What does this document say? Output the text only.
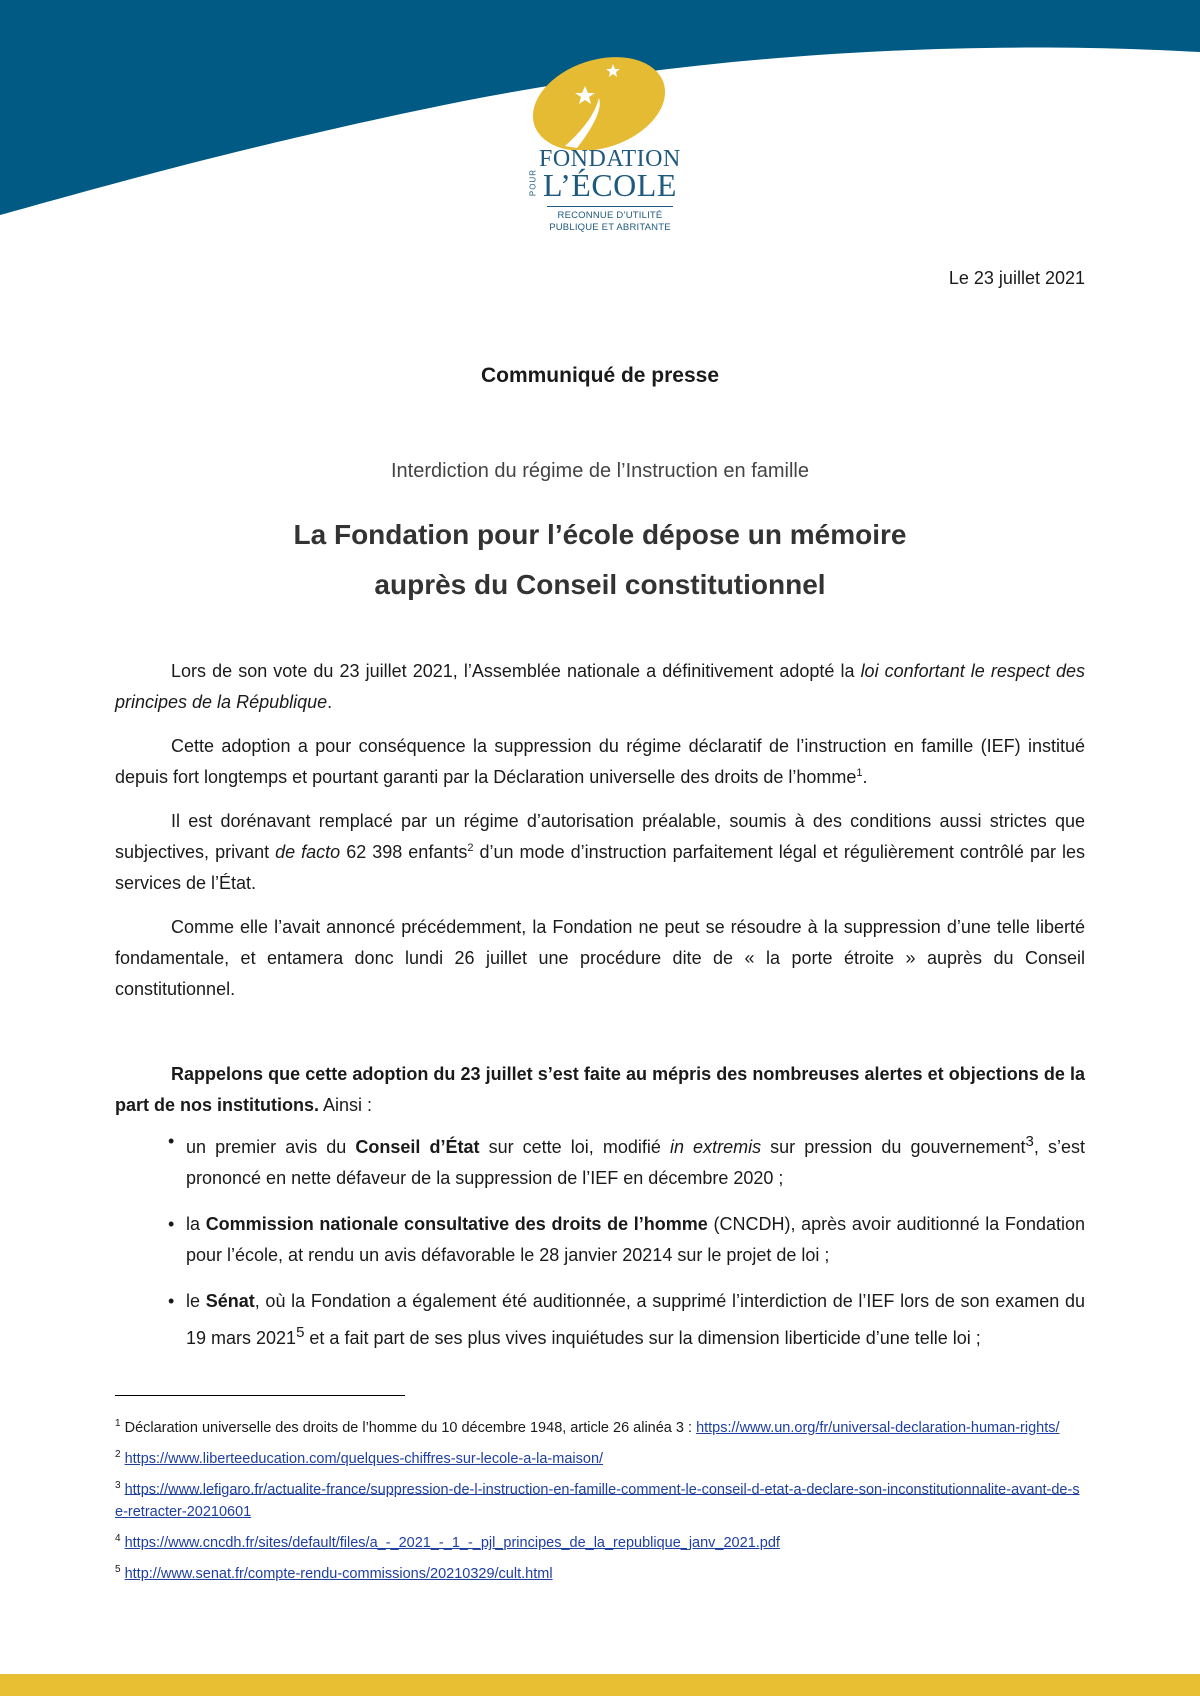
FONDATION
POUR L’ÉCOLE
RECONNUE D’UTILITÉ
PUBLIQUE ET ABRITANTE
Le 23 juillet 2021
Communiqué de presse
Interdiction du régime de l’Instruction en famille
La Fondation pour l’école dépose un mémoire
auprès du Conseil constitutionnel

Lors de son vote du 23 juillet 2021, l’Assemblée nationale a définitivement adopté la loi confortant le respect des principes de la République.

Cette adoption a pour conséquence la suppression du régime déclaratif de l’instruction en famille (IEF) institué depuis fort longtemps et pourtant garanti par la Déclaration universelle des droits de l’homme$^1$.

Il est dorénavant remplacé par un régime d’autorisation préalable, soumis à des conditions aussi strictes que subjectives, privant de facto 62 398 enfants$^2$ d’un mode d’instruction parfaitement légal et régulièrement contrôlé par les services de l’État.

Comme elle l’avait annoncé précédemment, la Fondation ne peut se résoudre à la suppression d’une telle liberté fondamentale, et entamera donc lundi 26 juillet une procédure dite de « la porte étroite » auprès du Conseil constitutionnel.

Rappelons que cette adoption du 23 juillet s’est faite au mépris des nombreuses alertes et objections de la part de nos institutions. Ainsi :

• un premier avis du Conseil d’État sur cette loi, modifié in extremis sur pression du gouvernement$^3$, s’est prononcé en nette défaveur de la suppression de l’IEF en décembre 2020 ;
• la Commission nationale consultative des droits de l’homme (CNCDH), après avoir auditionné la Fondation pour l’école, at rendu un avis défavorable le 28 janvier 20214 sur le projet de loi ;
• le Sénat, où la Fondation a également été auditionnée, a supprimé l’interdiction de l’IEF lors de son examen du 19 mars 2021$^5$ et a fait part de ses plus vives inquiétudes sur la dimension liberticide d’une telle loi ;
$^1$ Déclaration universelle des droits de l’homme du 10 décembre 1948, article 26 alinéa 3 : https://www.un.org/fr/universal-declaration-human-rights/
$^2$ https://www.liberteeducation.com/quelques-chiffres-sur-lecole-a-la-maison/
$^3$ https://www.lefigaro.fr/actualite-france/suppression-de-l-instruction-en-famille-comment-le-conseil-d-etat-a-declare-son-inconstitutionnalite-avant-de-se-retracter-20210601
$^4$ https://www.cncdh.fr/sites/default/files/a_-_2021_-_1_-_pjl_principes_de_la_republique_janv_2021.pdf
$^5$ http://www.senat.fr/compte-rendu-commissions/20210329/cult.html
